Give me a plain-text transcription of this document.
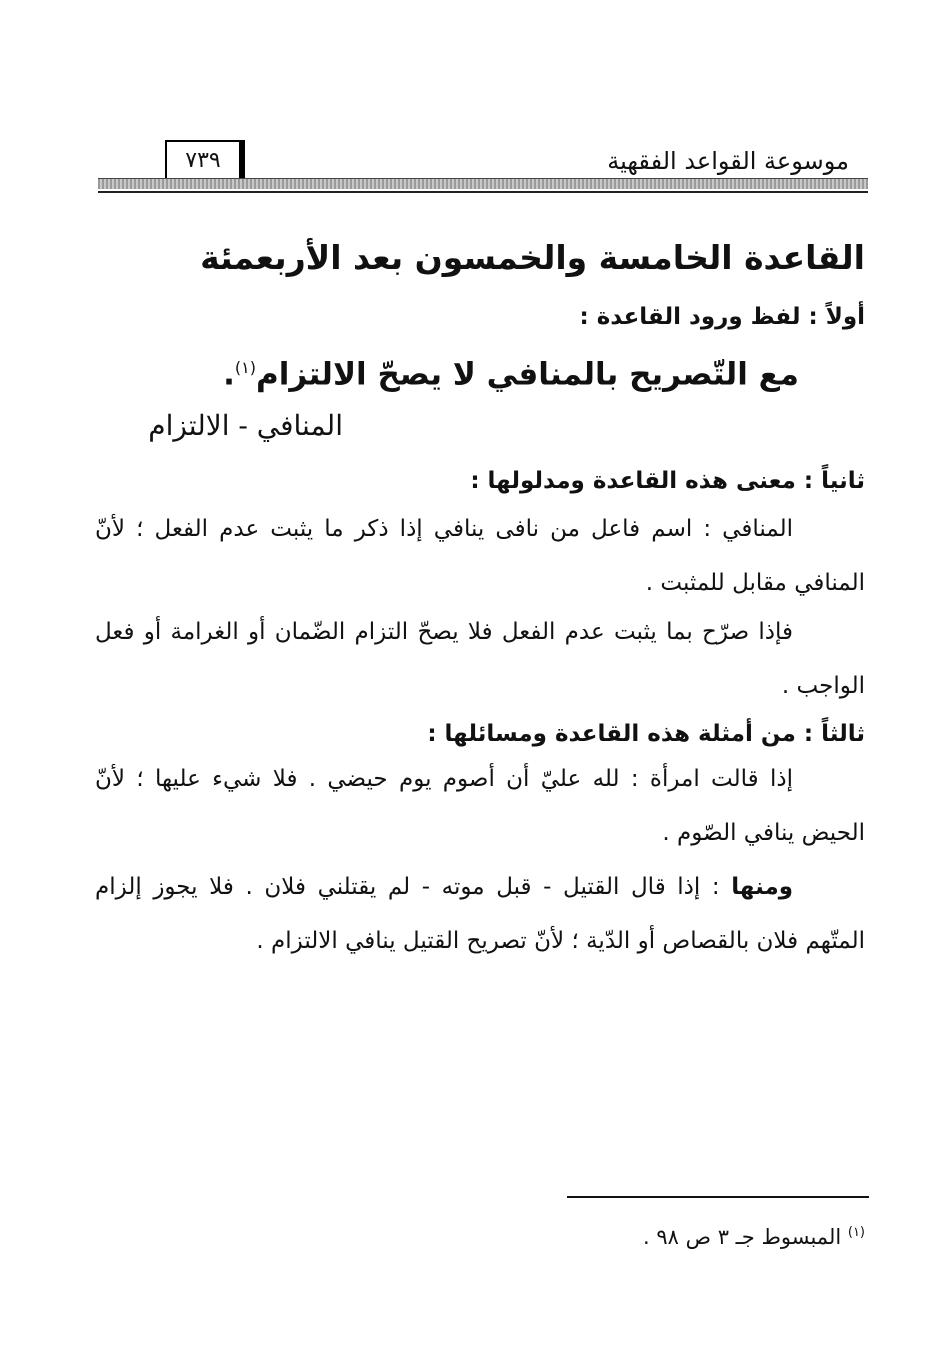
٧٣٩	موسوعة القواعد الفقهية
القاعدة الخامسة والخمسون بعد الأربعمئة
أولاً : لفظ ورود القاعدة :
مع التّصريح بالمنافي لا يصحّ الالتزام$^{(١)}$.
المنافي - الالتزام
ثانياً : معنى هذه القاعدة ومدلولها :
المنافي : اسم فاعل من نافى ينافي إذا ذكر ما يثبت عدم الفعل ؛ لأنّ المنافي مقابل للمثبت .
فإذا صرّح بما يثبت عدم الفعل فلا يصحّ التزام الضّمان أو الغرامة أو فعل الواجب .
ثالثاً : من أمثلة هذه القاعدة ومسائلها :
إذا قالت امرأة : لله عليّ أن أصوم يوم حيضي . فلا شيء عليها ؛ لأنّ الحيض ينافي الصّوم .
ومنها : إذا قال القتيل - قبل موته - لم يقتلني فلان . فلا يجوز إلزام المتّهم فلان بالقصاص أو الدّية ؛ لأنّ تصريح القتيل ينافي الالتزام .
$^{(١)}$ المبسوط جـ ٣ ص ٩٨ .
